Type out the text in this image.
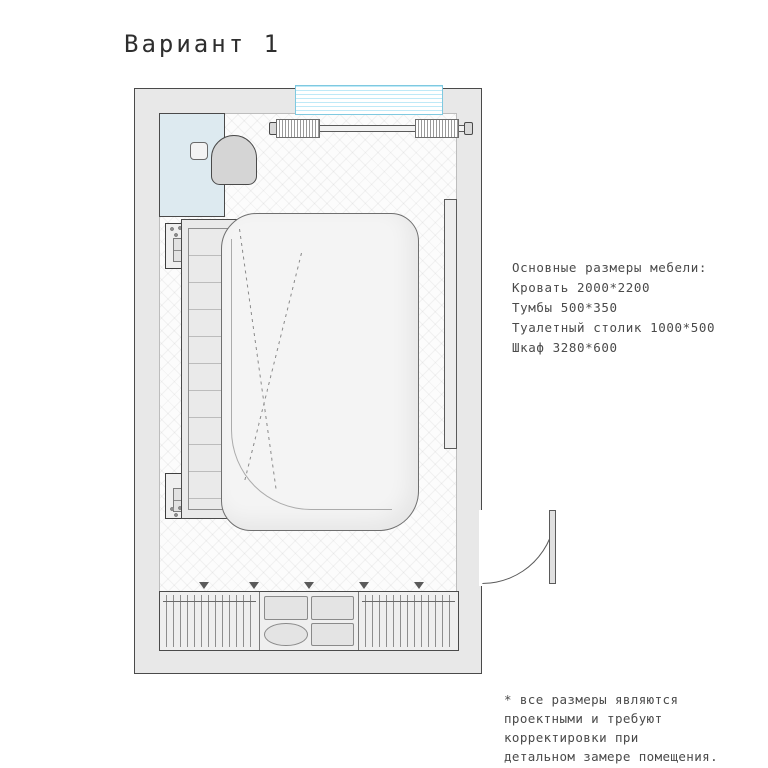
Вариант 1
Основные размеры мебели:
Кровать 2000*2200
Тумбы 500*350
Туалетный столик 1000*500
Шкаф 3280*600
* все размеры являются
проектными и требуют
корректировки при
детальном замере помещения.
